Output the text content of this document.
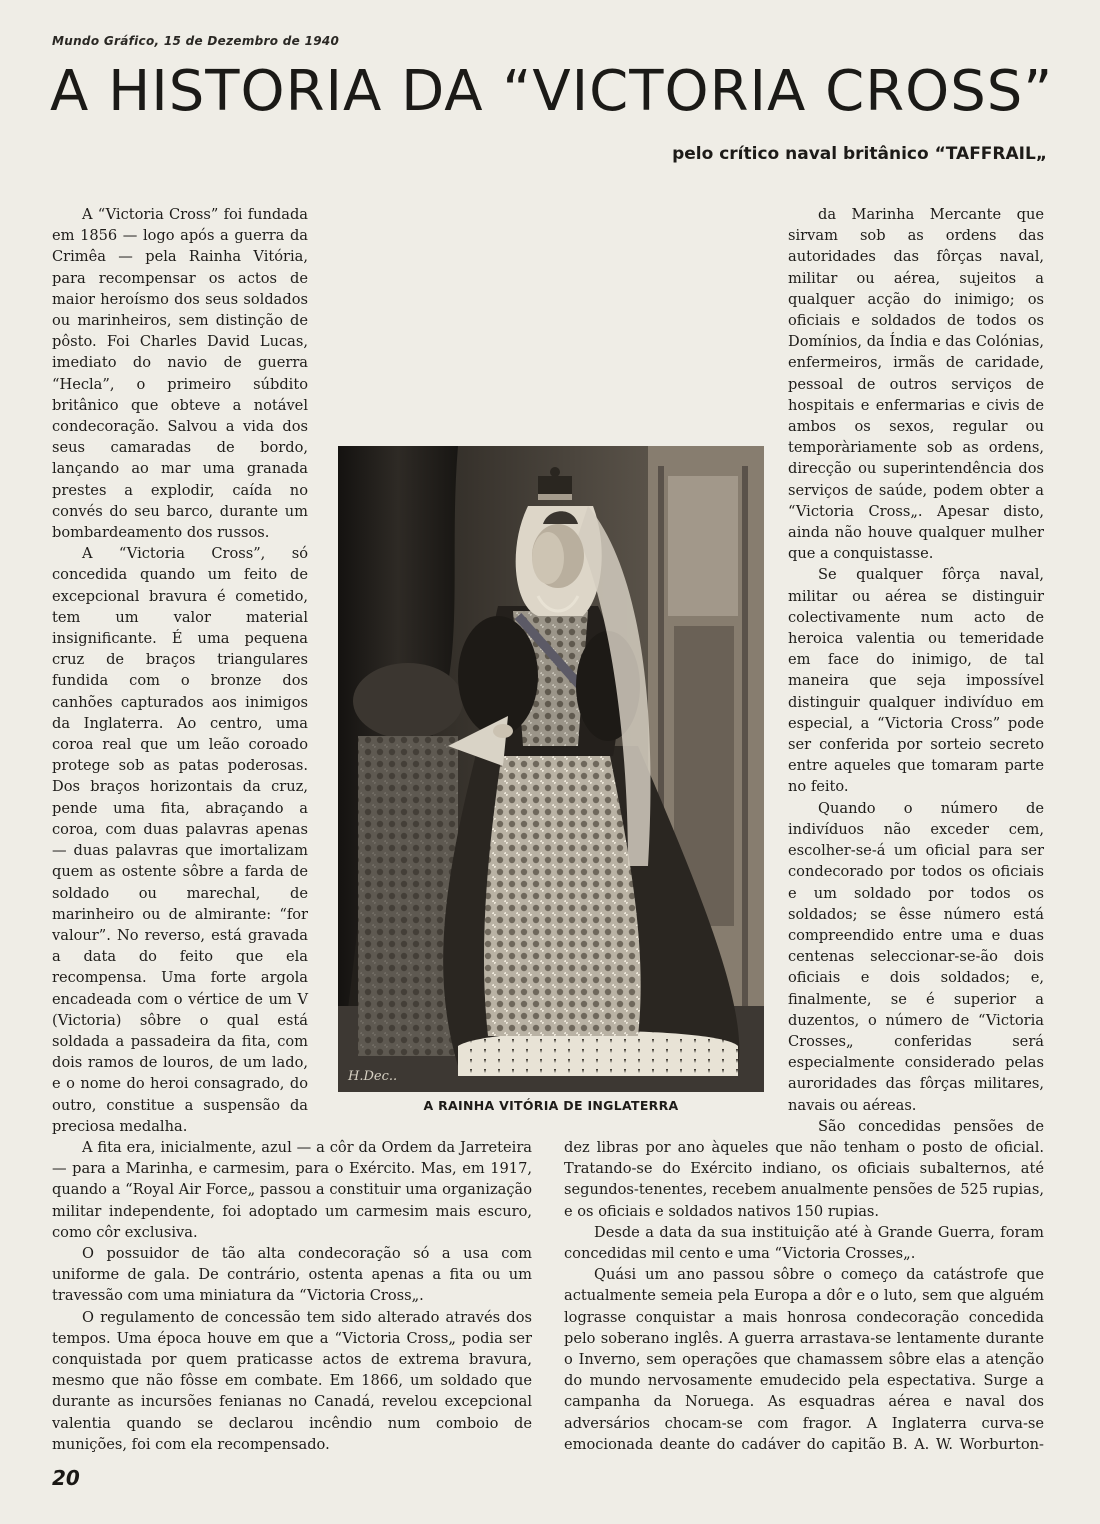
Mundo Gráfico, 15 de Dezembro de 1940
A HISTORIA DA “VICTORIA CROSS”
pelo crítico naval britânico “TAFFRAIL„

A “Victoria Cross” foi fundada em 1856 — logo após a guerra da Crimêa — pela Rainha Vitória, para recompensar os actos de maior heroísmo dos seus soldados ou marinheiros, sem distinção de pôsto. Foi Charles David Lucas, imediato do navio de guerra “Hecla”, o primeiro súbdito britânico que obteve a notável condecoração. Salvou a vida dos seus camaradas de bordo, lançando ao mar uma granada prestes a explodir, caída no convés do seu barco, durante um bombardeamento dos russos.

A “Victoria Cross”, só concedida quando um feito de excepcional bravura é cometido, tem um valor material insignificante. É uma pequena cruz de braços triangulares fundida com o bronze dos canhões capturados aos inimigos da Inglaterra. Ao centro, uma coroa real que um leão coroado protege sob as patas poderosas. Dos braços horizontais da cruz, pende uma fita, abraçando a coroa, com duas palavras apenas — duas palavras que imortalizam quem as ostente sôbre a farda de soldado ou marechal, de marinheiro ou de almirante: “for valour”. No reverso, está gravada a data do feito que ela recompensa. Uma forte argola encadeada com o vértice de um V (Victoria) sôbre o qual está soldada a passadeira da fita, com dois ramos de louros, de um lado, e o nome do heroi consagrado, do outro, constitue a suspensão da preciosa medalha.

A fita era, inicialmente, azul — a côr da Ordem da Jarreteira — para a Marinha, e carmesim, para o Exército. Mas, em 1917, quando a “Royal Air Force„ passou a constituir uma organização militar independente, foi adoptado um carmesim mais escuro, como côr exclusiva.

O possuidor de tão alta condecoração só a usa com uniforme de gala. De contrário, ostenta apenas a fita ou um travessão com uma miniatura da “Victoria Cross„.

O regulamento de concessão tem sido alterado através dos tempos. Uma época houve em que a “Victoria Cross„ podia ser conquistada por quem praticasse actos de extrema bravura, mesmo que não fôsse em combate. Em 1866, um soldado que durante as incursões fenianas no Canadá, revelou excepcional valentia quando se declarou incêndio num comboio de munições, foi com ela recompensado.

da Marinha Mercante que sirvam sob as ordens das autoridades das fôrças naval, militar ou aérea, sujeitos a qualquer acção do inimigo; os oficiais e soldados de todos os Domínios, da Índia e das Colónias, enfermeiros, irmãs de caridade, pessoal de outros serviços de hospitais e enfermarias e civis de ambos os sexos, regular ou temporàriamente sob as ordens, direcção ou superintendência dos serviços de saúde, podem obter a “Victoria Cross„. Apesar disto, ainda não houve qualquer mulher que a conquistasse.

Se qualquer fôrça naval, militar ou aérea se distinguir colectivamente num acto de heroica valentia ou temeridade em face do inimigo, de tal maneira que seja impossível distinguir qualquer indivíduo em especial, a “Victoria Cross” pode ser conferida por sorteio secreto entre aqueles que tomaram parte no feito.

Quando o número de indivíduos não exceder cem, escolher-se-á um oficial para ser condecorado por todos os oficiais e um soldado por todos os soldados; se êsse número está compreendido entre uma e duas centenas seleccionar-se-ão dois oficiais e dois soldados; e, finalmente, se é superior a duzentos, o número de “Victoria Crosses„ conferidas será especialmente considerado pelas auroridades das fôrças militares, navais ou aéreas.

São concedidas pensões de dez libras por ano àqueles que não tenham o posto de oficial. Tratando-se do Exército indiano, os oficiais subalternos, até segundos-tenentes, recebem anualmente pensões de 525 rupias, e os oficiais e soldados nativos 150 rupias.

Desde a data da sua instituição até à Grande Guerra, foram concedidas mil cento e uma “Victoria Crosses„.

Quási um ano passou sôbre o começo da catástrofe que actualmente semeia pela Europa a dôr e o luto, sem que alguém lograsse conquistar a mais honrosa condecoração concedida pelo soberano inglês. A guerra arrastava-se lentamente durante o Inverno, sem operações que chamassem sôbre elas a atenção do mundo nervosamente emudecido pela espectativa. Surge a campanha da Noruega. As esquadras aérea e naval dos adversários chocam-se com fragor. A Inglaterra curva-se emocionada deante do cadáver do capitão B. A. W. Worburton-

H.Dec..
A RAINHA VITÓRIA DE INGLATERRA
20
